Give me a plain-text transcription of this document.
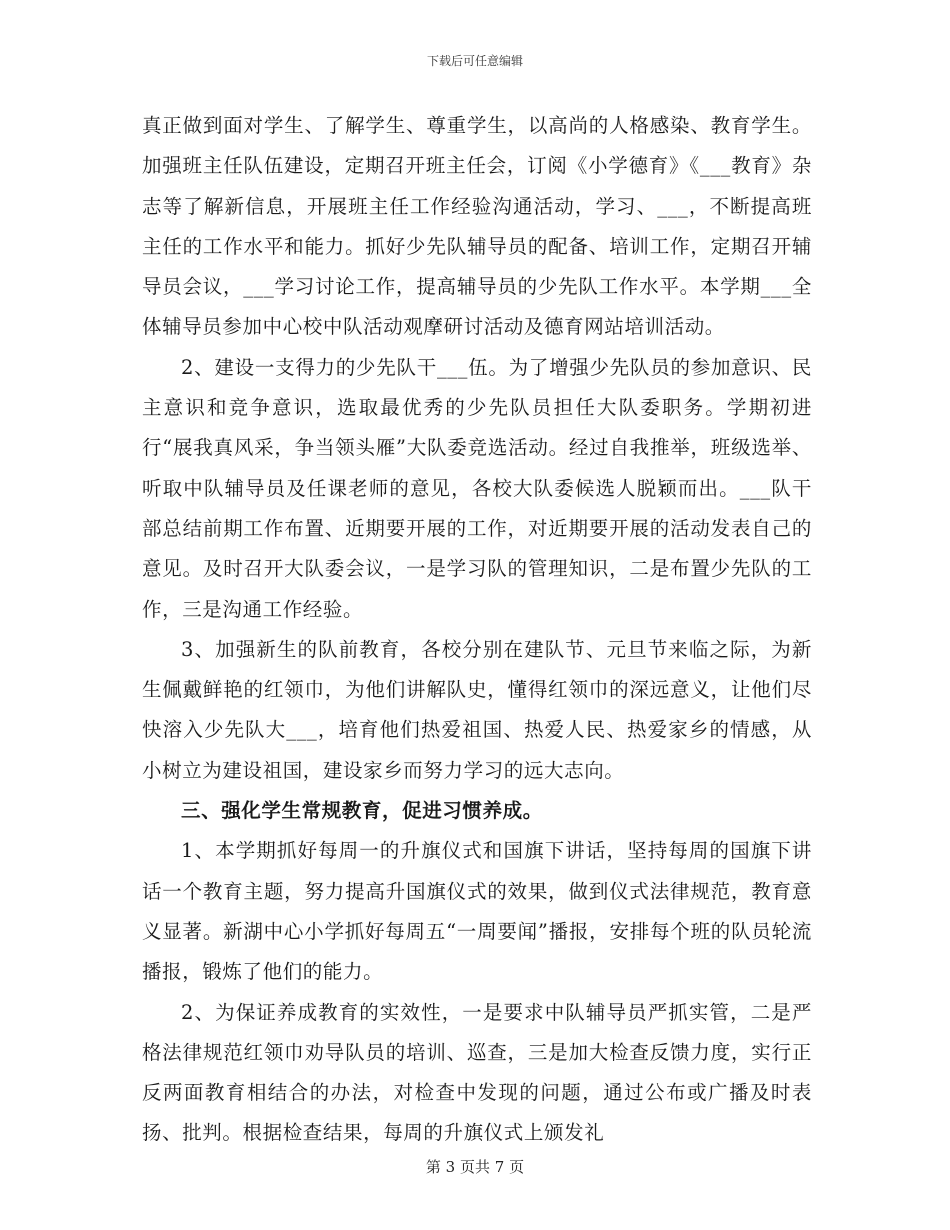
下载后可任意编辑

真正做到面对学生、了解学生、尊重学生，以高尚的人格感染、教育学生。加强班主任队伍建设，定期召开班主任会，订阅《小学德育》《___教育》杂志等了解新信息，开展班主任工作经验沟通活动，学习、___，不断提高班主任的工作水平和能力。抓好少先队辅导员的配备、培训工作，定期召开辅导员会议，___学习讨论工作，提高辅导员的少先队工作水平。本学期___全体辅导员参加中心校中队活动观摩研讨活动及德育网站培训活动。

2、建设一支得力的少先队干___伍。为了增强少先队员的参加意识、民主意识和竞争意识，选取最优秀的少先队员担任大队委职务。学期初进行“展我真风采，争当领头雁”大队委竞选活动。经过自我推举，班级选举、听取中队辅导员及任课老师的意见，各校大队委候选人脱颖而出。___队干部总结前期工作布置、近期要开展的工作，对近期要开展的活动发表自己的意见。及时召开大队委会议，一是学习队的管理知识，二是布置少先队的工作，三是沟通工作经验。

3、加强新生的队前教育，各校分别在建队节、元旦节来临之际，为新生佩戴鲜艳的红领巾，为他们讲解队史，懂得红领巾的深远意义，让他们尽快溶入少先队大___，培育他们热爱祖国、热爱人民、热爱家乡的情感，从小树立为建设祖国，建设家乡而努力学习的远大志向。

三、强化学生常规教育，促进习惯养成。

1、本学期抓好每周一的升旗仪式和国旗下讲话，坚持每周的国旗下讲话一个教育主题，努力提高升国旗仪式的效果，做到仪式法律规范，教育意义显著。新湖中心小学抓好每周五“一周要闻”播报，安排每个班的队员轮流播报，锻炼了他们的能力。

2、为保证养成教育的实效性，一是要求中队辅导员严抓实管，二是严格法律规范红领巾劝导队员的培训、巡查，三是加大检查反馈力度，实行正反两面教育相结合的办法，对检查中发现的问题，通过公布或广播及时表扬、批判。根据检查结果，每周的升旗仪式上颁发礼

第 3 页共 7 页
